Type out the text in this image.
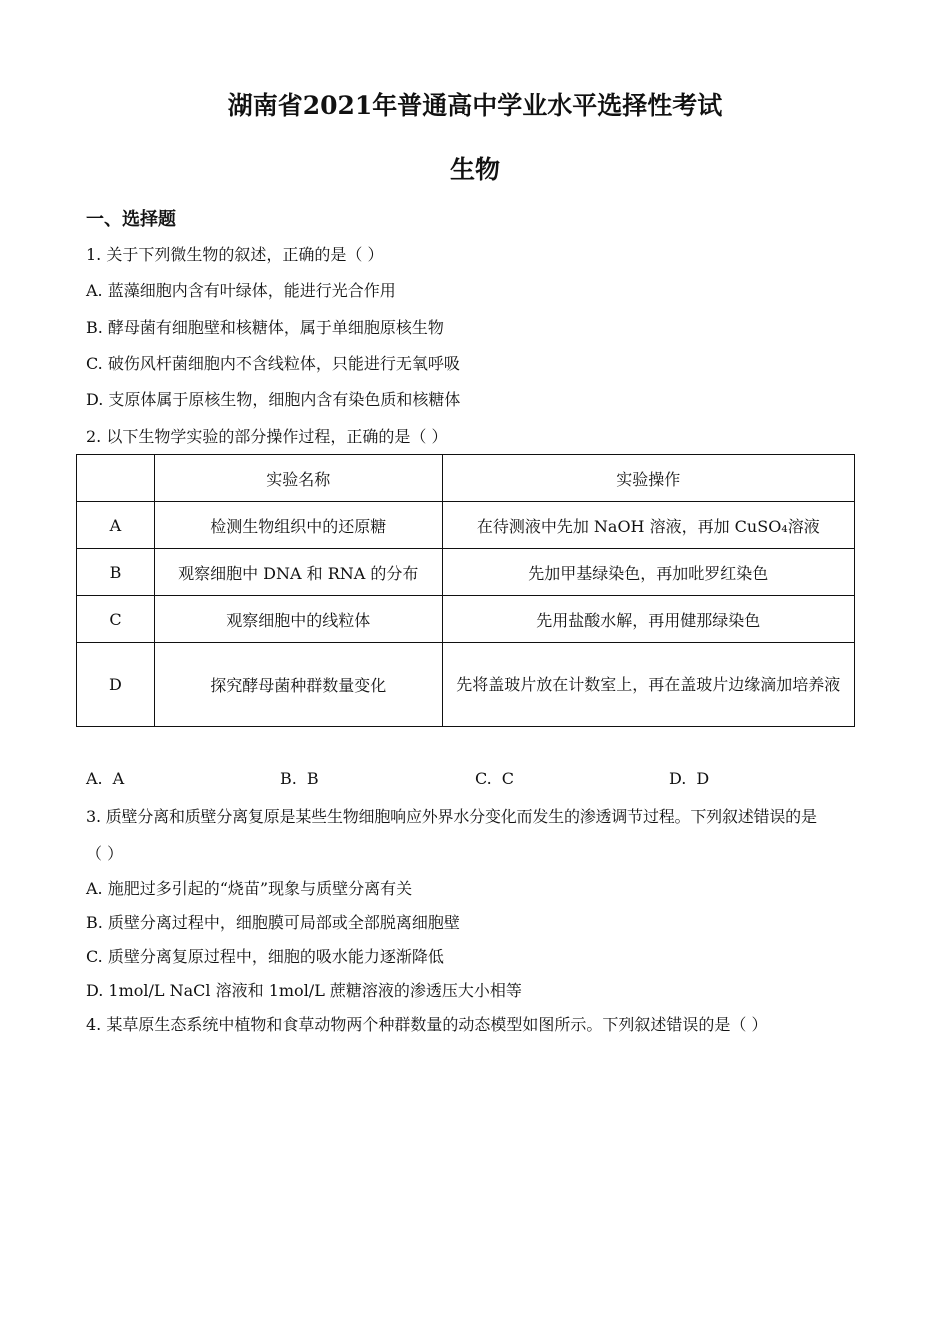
湖南省2021年普通高中学业水平选择性考试
生物
一、选择题
1. 关于下列微生物的叙述，正确的是（ ）
A. 蓝藻细胞内含有叶绿体，能进行光合作用
B. 酵母菌有细胞壁和核糖体，属于单细胞原核生物
C. 破伤风杆菌细胞内不含线粒体，只能进行无氧呼吸
D. 支原体属于原核生物，细胞内含有染色质和核糖体
2. 以下生物学实验的部分操作过程，正确的是（ ）
	实验名称	实验操作
A	检测生物组织中的还原糖	在待测液中先加 NaOH 溶液，再加 CuSO₄溶液
B	观察细胞中 DNA 和 RNA 的分布	先加甲基绿染色，再加吡罗红染色
C	观察细胞中的线粒体	先用盐酸水解，再用健那绿染色
D	探究酵母菌种群数量变化	先将盖玻片放在计数室上，再在盖玻片边缘滴加培养液
A. A	B. B	C. C	D. D
3. 质壁分离和质壁分离复原是某些生物细胞响应外界水分变化而发生的渗透调节过程。下列叙述错误的是
（ ）
A. 施肥过多引起的“烧苗”现象与质壁分离有关
B. 质壁分离过程中，细胞膜可局部或全部脱离细胞壁
C. 质壁分离复原过程中，细胞的吸水能力逐渐降低
D. 1mol/L NaCl 溶液和 1mol/L 蔗糖溶液的渗透压大小相等
4. 某草原生态系统中植物和食草动物两个种群数量的动态模型如图所示。下列叙述错误的是（ ）
